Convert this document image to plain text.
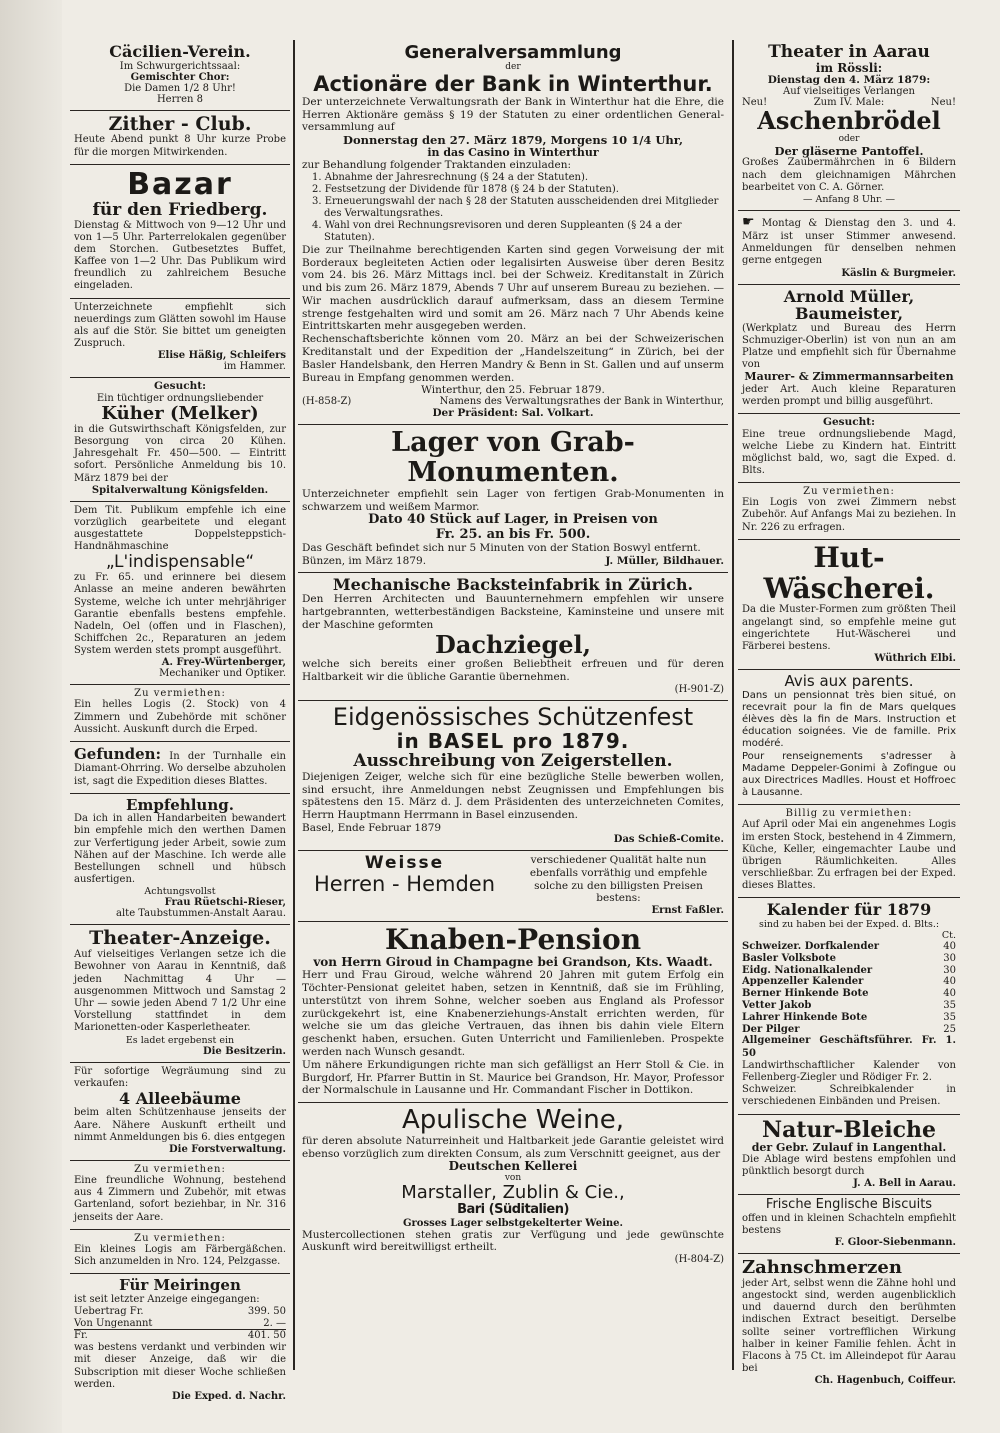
Cäcilien-Verein.
Im Schwurgerichtssaal:
Gemischter Chor:
Die Damen 1/2 8 Uhr!
Herren 8
Zither - Club.

Heute Abend punkt 8 Uhr kurze Probe für die morgen Mitwirkenden.

Bazar
für den Friedberg.

Dienstag & Mittwoch von 9—12 Uhr und von 1—5 Uhr. Parterrelokalen gegenüber dem Storchen. Gutbesetztes Buffet, Kaffee von 1—2 Uhr. Das Publikum wird freundlich zu zahlreichem Besuche eingeladen.

Unterzeichnete empfiehlt sich neuerdings zum Glätten sowohl im Hause als auf die Stör. Sie bittet um geneigten Zuspruch.

Elise Häßig, Schleifers
im Hammer.
Gesucht:
Ein tüchtiger ordnungsliebender
Küher (Melker)

in die Gutswirthschaft Königsfelden, zur Besorgung von circa 20 Kühen. Jahresgehalt Fr. 450—500. — Eintritt sofort. Persönliche Anmeldung bis 10. März 1879 bei der

Spitalverwaltung Königsfelden.

Dem Tit. Publikum empfehle ich eine vorzüglich gearbeitete und elegant ausgestattete Doppelsteppstich-Handnähmaschine

„L'indispensable“

zu Fr. 65. und erinnere bei diesem Anlasse an meine anderen bewährten Systeme, welche ich unter mehrjähriger Garantie ebenfalls bestens empfehle. Nadeln, Oel (offen und in Flaschen), Schiffchen 2c., Reparaturen an jedem System werden stets prompt ausgeführt.

A. Frey-Würtenberger,
Mechaniker und Optiker.
Zu vermiethen:

Ein helles Logis (2. Stock) von 4 Zimmern und Zubehörde mit schöner Aussicht. Auskunft durch die Erped.

Gefunden: In der Turnhalle ein Diamant-Ohrring. Wo derselbe abzuholen ist, sagt die Expedition dieses Blattes.

Empfehlung.

Da ich in allen Handarbeiten bewandert bin empfehle mich den werthen Damen zur Verfertigung jeder Arbeit, sowie zum Nähen auf der Maschine. Ich werde alle Bestellungen schnell und hübsch ausfertigen.

Achtungsvollst
Frau Rüetschi-Rieser,
alte Taubstummen-Anstalt Aarau.
Theater-Anzeige.

Auf vielseitiges Verlangen setze ich die Bewohner von Aarau in Kenntniß, daß jeden Nachmittag 4 Uhr — ausgenommen Mittwoch und Samstag 2 Uhr — sowie jeden Abend 7 1/2 Uhr eine Vorstellung stattfindet in dem Marionetten-oder Kasperletheater.

Es ladet ergebenst ein
Die Besitzerin.

Für sofortige Wegräumung sind zu verkaufen:

4 Alleebäume

beim alten Schützenhause jenseits der Aare. Nähere Auskunft ertheilt und nimmt Anmeldungen bis 6. dies entgegen

Die Forstverwaltung.
Zu vermiethen:

Eine freundliche Wohnung, bestehend aus 4 Zimmern und Zubehör, mit etwas Gartenland, sofort beziehbar, in Nr. 316 jenseits der Aare.

Zu vermiethen:

Ein kleines Logis am Färbergäßchen. Sich anzumelden in Nro. 124, Pelzgasse.

Für Meiringen

ist seit letzter Anzeige eingegangen:

Uebertrag Fr.	399. 50
Von Ungenannt	2. —
Fr.	401. 50

was bestens verdankt und verbinden wir mit dieser Anzeige, daß wir die Subscription mit dieser Woche schließen werden.

Die Exped. d. Nachr.
Generalversammlung
der
Actionäre der Bank in Winterthur.

Der unterzeichnete Verwaltungsrath der Bank in Winterthur hat die Ehre, die Herren Aktionäre gemäss § 19 der Statuten zu einer ordentlichen General-versammlung auf

Donnerstag den 27. März 1879, Morgens 10 1/4 Uhr,
in das Casino in Winterthur

zur Behandlung folgender Traktanden einzuladen:

1. Abnahme der Jahresrechnung (§ 24 a der Statuten).
2. Festsetzung der Dividende für 1878 (§ 24 b der Statuten).
3. Erneuerungswahl der nach § 28 der Statuten ausscheidenden drei Mitglieder des Verwaltungsrathes.
4. Wahl von drei Rechnungsrevisoren und deren Suppleanten (§ 24 a der Statuten).

Die zur Theilnahme berechtigenden Karten sind gegen Vorweisung der mit Borderaux begleiteten Actien oder legalisirten Ausweise über deren Besitz vom 24. bis 26. März Mittags incl. bei der Schweiz. Kreditanstalt in Zürich und bis zum 26. März 1879, Abends 7 Uhr auf unserem Bureau zu beziehen. — Wir machen ausdrücklich darauf aufmerksam, dass an diesem Termine strenge festgehalten wird und somit am 26. März nach 7 Uhr Abends keine Eintrittskarten mehr ausgegeben werden.

Rechenschaftsberichte können vom 20. März an bei der Schweizerischen Kreditanstalt und der Expedition der „Handelszeitung“ in Zürich, bei der Basler Handelsbank, den Herren Mandry & Benn in St. Gallen und auf unserm Bureau in Empfang genommen werden.

Winterthur, den 25. Februar 1879.
(H-858-Z)	Namens des Verwaltungsrathes der Bank in Winterthur,
Der Präsident: Sal. Volkart.
Lager von Grab-Monumenten.

Unterzeichneter empfiehlt sein Lager von fertigen Grab-Monumenten in schwarzem und weißem Marmor.

Dato 40 Stück auf Lager, in Preisen von
Fr. 25. an bis Fr. 500.

Das Geschäft befindet sich nur 5 Minuten von der Station Boswyl entfernt.

Bünzen, im März 1879.	J. Müller, Bildhauer.
Mechanische Backsteinfabrik in Zürich.

Den Herren Architecten und Bauunternehmern empfehlen wir unsere hartgebrannten, wetterbeständigen Backsteine, Kaminsteine und unsere mit der Maschine geformten

Dachziegel,

welche sich bereits einer großen Beliebtheit erfreuen und für deren Haltbarkeit wir die übliche Garantie übernehmen.

(H-901-Z)
Eidgenössisches Schützenfest
in BASEL pro 1879.
Ausschreibung von Zeigerstellen.

Diejenigen Zeiger, welche sich für eine bezügliche Stelle bewerben wollen, sind ersucht, ihre Anmeldungen nebst Zeugnissen und Empfehlungen bis spätestens den 15. März d. J. dem Präsidenten des unterzeichneten Comites, Herrn Hauptmann Herrmann in Basel einzusenden.

Basel, Ende Februar 1879
Das Schieß-Comite.
Weisse
Herren - Hemden

verschiedener Qualität halte nun ebenfalls vorräthig und empfehle solche zu den billigsten Preisen bestens:

Ernst Faßler.
Knaben-Pension
von Herrn Giroud in Champagne bei Grandson, Kts. Waadt.

Herr und Frau Giroud, welche während 20 Jahren mit gutem Erfolg ein Töchter-Pensionat geleitet haben, setzen in Kenntniß, daß sie im Frühling, unterstützt von ihrem Sohne, welcher soeben aus England als Professor zurückgekehrt ist, eine Knabenerziehungs-Anstalt errichten werden, für welche sie um das gleiche Vertrauen, das ihnen bis dahin viele Eltern geschenkt haben, ersuchen. Guten Unterricht und Familienleben. Prospekte werden nach Wunsch gesandt.

Um nähere Erkundigungen richte man sich gefälligst an Herr Stoll & Cie. in Burgdorf, Hr. Pfarrer Buttin in St. Maurice bei Grandson, Hr. Mayor, Professor der Normalschule in Lausanne und Hr. Commandant Fischer in Dottikon.

Apulische Weine,

für deren absolute Naturreinheit und Haltbarkeit jede Garantie geleistet wird ebenso vorzüglich zum direkten Consum, als zum Verschnitt geeignet, aus der

Deutschen Kellerei
von
Marstaller, Zublin & Cie.,
Bari (Süditalien)
Grosses Lager selbstgekelterter Weine.

Mustercollectionen stehen gratis zur Verfügung und jede gewünschte Auskunft wird bereitwilligst ertheilt.

(H-804-Z)
Theater in Aarau
im Rössli:
Dienstag den 4. März 1879:
Auf vielseitiges Verlangen
Neu!	Zum IV. Male:	Neu!
Aschenbrödel
oder
Der gläserne Pantoffel.

Großes Zaubermährchen in 6 Bildern nach dem gleichnamigen Mährchen bearbeitet von C. A. Görner.

— Anfang 8 Uhr. —

☛ Montag & Dienstag den 3. und 4. März ist unser Stimmer anwesend. Anmeldungen für denselben nehmen gerne entgegen

Käslin & Burgmeier.
Arnold Müller, Baumeister,

(Werkplatz und Bureau des Herrn Schmuziger-Oberlin) ist von nun an am Platze und empfiehlt sich für Übernahme von

Maurer- & Zimmermannsarbeiten

jeder Art. Auch kleine Reparaturen werden prompt und billig ausgeführt.

Gesucht:

Eine treue ordnungsliebende Magd, welche Liebe zu Kindern hat. Eintritt möglichst bald, wo, sagt die Exped. d. Blts.

Zu vermiethen:

Ein Logis von zwei Zimmern nebst Zubehör. Auf Anfangs Mai zu beziehen. In Nr. 226 zu erfragen.

Hut-Wäscherei.

Da die Muster-Formen zum größten Theil angelangt sind, so empfehle meine gut eingerichtete Hut-Wäscherei und Färberei bestens.

Wüthrich Elbi.
Avis aux parents.

Dans un pensionnat très bien situé, on recevrait pour la fin de Mars quelques élèves dès la fin de Mars. Instruction et éducation soignées. Vie de famille. Prix modéré.

Pour renseignements s'adresser à Madame Deppeler-Gonimi à Zofingue ou aux Directrices Madlles. Houst et Hoffroec à Lausanne.

Billig zu vermiethen:

Auf April oder Mai ein angenehmes Logis im ersten Stock, bestehend in 4 Zimmern, Küche, Keller, eingemachter Laube und übrigen Räumlichkeiten. Alles verschließbar. Zu erfragen bei der Exped. dieses Blattes.

Kalender für 1879
sind zu haben bei der Exped. d. Blts.:
Ct.
Schweizer. Dorfkalender	40
Basler Volksbote	30
Eidg. Nationalkalender	30
Appenzeller Kalender	40
Berner Hinkende Bote	40
Vetter Jakob	35
Lahrer Hinkende Bote	35
Der Pilger	25

Allgemeiner Geschäftsführer. Fr. 1. 50

Landwirthschaftlicher Kalender von Fellenberg-Ziegler und Rödiger Fr. 2.

Schweizer. Schreibkalender in verschiedenen Einbänden und Preisen.

Natur-Bleiche
der Gebr. Zulauf in Langenthal.

Die Ablage wird bestens empfohlen und pünktlich besorgt durch

J. A. Bell in Aarau.
Frische Englische Biscuits

offen und in kleinen Schachteln empfiehlt bestens

F. Gloor-Siebenmann.
Zahnschmerzen

jeder Art, selbst wenn die Zähne hohl und angestockt sind, werden augenblicklich und dauernd durch den berühmten indischen Extract beseitigt. Derselbe sollte seiner vortrefflichen Wirkung halber in keiner Familie fehlen. Ächt in Flacons à 75 Ct. im Alleindepot für Aarau bei

Ch. Hagenbuch, Coiffeur.
